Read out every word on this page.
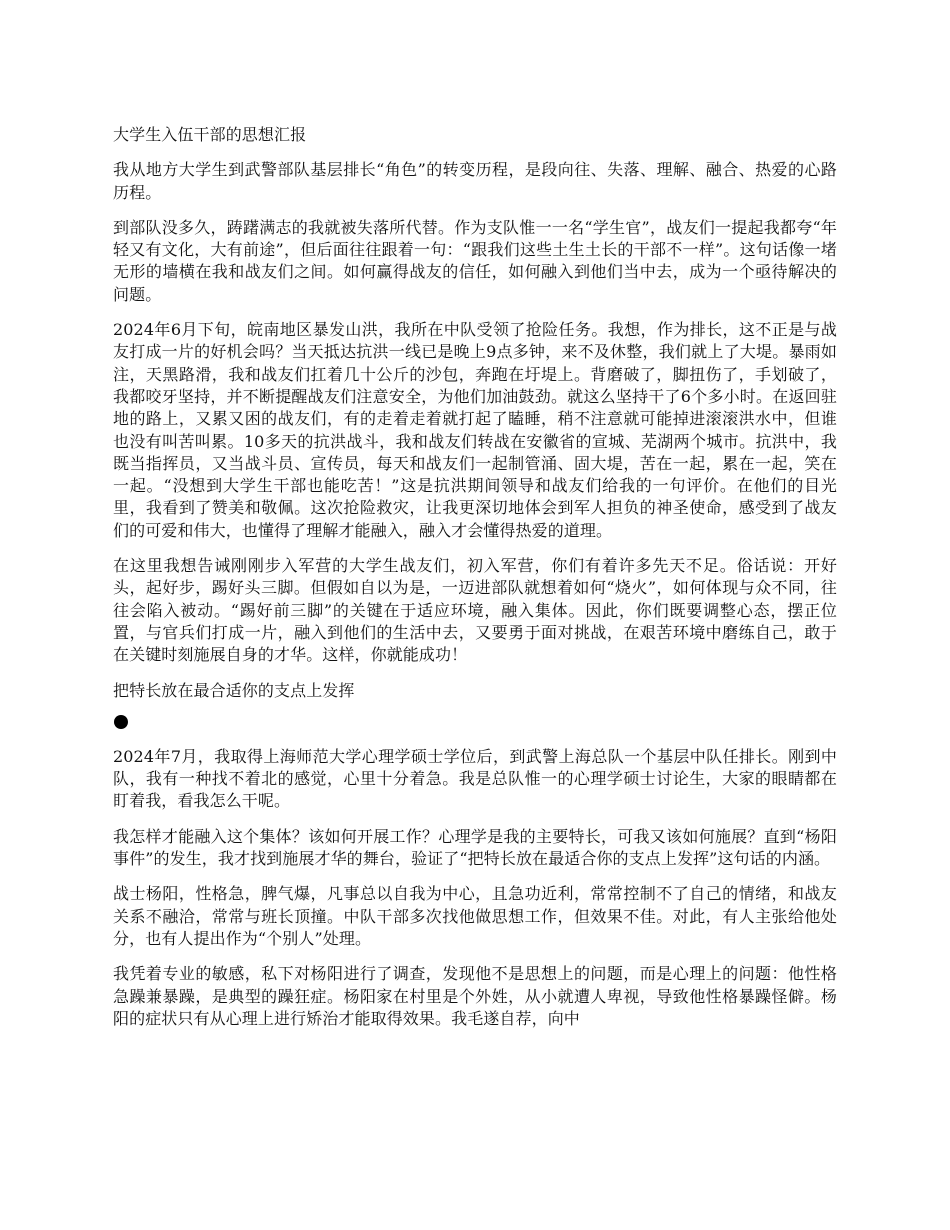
大学生入伍干部的思想汇报

我从地方大学生到武警部队基层排长“角色”的转变历程，是段向往、失落、理解、融合、热爱的心路历程。

到部队没多久，踌躇满志的我就被失落所代替。作为支队惟一一名“学生官”，战友们一提起我都夸“年轻又有文化，大有前途”，但后面往往跟着一句：“跟我们这些土生土长的干部不一样”。这句话像一堵无形的墙横在我和战友们之间。如何赢得战友的信任，如何融入到他们当中去，成为一个亟待解决的问题。

2024年6月下旬，皖南地区暴发山洪，我所在中队受领了抢险任务。我想，作为排长，这不正是与战友打成一片的好机会吗？当天抵达抗洪一线已是晚上9点多钟，来不及休整，我们就上了大堤。暴雨如注，天黑路滑，我和战友们扛着几十公斤的沙包，奔跑在圩堤上。背磨破了，脚扭伤了，手划破了，我都咬牙坚持，并不断提醒战友们注意安全，为他们加油鼓劲。就这么坚持干了6个多小时。在返回驻地的路上，又累又困的战友们，有的走着走着就打起了瞌睡，稍不注意就可能掉进滚滚洪水中，但谁也没有叫苦叫累。10多天的抗洪战斗，我和战友们转战在安徽省的宣城、芜湖两个城市。抗洪中，我既当指挥员，又当战斗员、宣传员，每天和战友们一起制管涌、固大堤，苦在一起，累在一起，笑在一起。“没想到大学生干部也能吃苦！”这是抗洪期间领导和战友们给我的一句评价。在他们的目光里，我看到了赞美和敬佩。这次抢险救灾，让我更深切地体会到军人担负的神圣使命，感受到了战友们的可爱和伟大，也懂得了理解才能融入，融入才会懂得热爱的道理。

在这里我想告诫刚刚步入军营的大学生战友们，初入军营，你们有着许多先天不足。俗话说：开好头，起好步，踢好头三脚。但假如自以为是，一迈进部队就想着如何“烧火”，如何体现与众不同，往往会陷入被动。“踢好前三脚”的关键在于适应环境，融入集体。因此，你们既要调整心态，摆正位置，与官兵们打成一片，融入到他们的生活中去，又要勇于面对挑战，在艰苦环境中磨练自己，敢于在关键时刻施展自身的才华。这样，你就能成功！

把特长放在最合适你的支点上发挥

2024年7月，我取得上海师范大学心理学硕士学位后，到武警上海总队一个基层中队任排长。刚到中队，我有一种找不着北的感觉，心里十分着急。我是总队惟一的心理学硕士讨论生，大家的眼睛都在盯着我，看我怎么干呢。

我怎样才能融入这个集体？该如何开展工作？心理学是我的主要特长，可我又该如何施展？直到“杨阳事件”的发生，我才找到施展才华的舞台，验证了“把特长放在最适合你的支点上发挥”这句话的内涵。

战士杨阳，性格急，脾气爆，凡事总以自我为中心，且急功近利，常常控制不了自己的情绪，和战友关系不融洽，常常与班长顶撞。中队干部多次找他做思想工作，但效果不佳。对此，有人主张给他处分，也有人提出作为“个别人”处理。

我凭着专业的敏感，私下对杨阳进行了调查，发现他不是思想上的问题，而是心理上的问题：他性格急躁兼暴躁，是典型的躁狂症。杨阳家在村里是个外姓，从小就遭人卑视，导致他性格暴躁怪僻。杨阳的症状只有从心理上进行矫治才能取得效果。我毛遂自荐，向中
